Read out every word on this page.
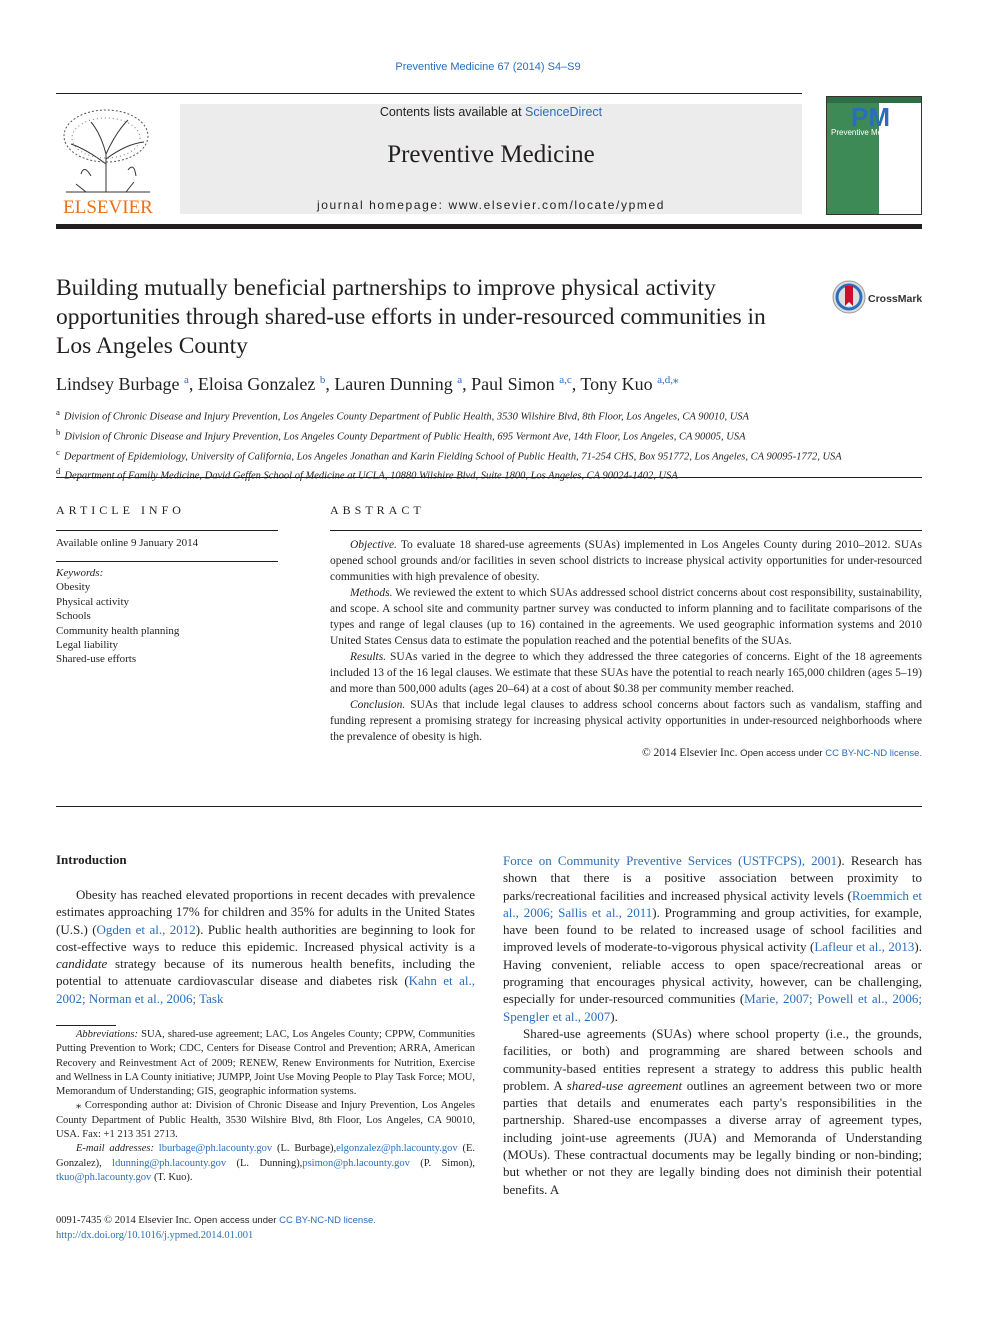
Preventive Medicine 67 (2014) S4–S9
ELSEVIER
Contents lists available at ScienceDirect
Preventive Medicine
journal homepage: www.elsevier.com/locate/ypmed
PM
Preventive Medicine
Building mutually beneficial partnerships to improve physical activity opportunities through shared-use efforts in under-resourced communities in Los Angeles County
CrossMark
Lindsey Burbage $^a$, Eloisa Gonzalez $^b$, Lauren Dunning $^a$, Paul Simon $^{a,c}$, Tony Kuo $^{a,d,⁎}$
$^a$ Division of Chronic Disease and Injury Prevention, Los Angeles County Department of Public Health, 3530 Wilshire Blvd, 8th Floor, Los Angeles, CA 90010, USA
$^b$ Division of Chronic Disease and Injury Prevention, Los Angeles County Department of Public Health, 695 Vermont Ave, 14th Floor, Los Angeles, CA 90005, USA
$^c$ Department of Epidemiology, University of California, Los Angeles Jonathan and Karin Fielding School of Public Health, 71-254 CHS, Box 951772, Los Angeles, CA 90095-1772, USA
$^d$
ARTICLE INFO
Available online 9 January 2014
Keywords:
Obesity
Physical activity
Schools
Community health planning
Legal liability
Shared-use efforts
ABSTRACT

Objective. To evaluate 18 shared-use agreements (SUAs) implemented in Los Angeles County during 2010–2012. SUAs opened school grounds and/or facilities in seven school districts to increase physical activity opportunities for under-resourced communities with high prevalence of obesity.

Methods. We reviewed the extent to which SUAs addressed school district concerns about cost responsibility, sustainability, and scope. A school site and community partner survey was conducted to inform planning and to facilitate comparisons of the types and range of legal clauses (up to 16) contained in the agreements. We used geographic information systems and 2010 United States Census data to estimate the population reached and the potential benefits of the SUAs.

Results. SUAs varied in the degree to which they addressed the three categories of concerns. Eight of the 18 agreements included 13 of the 16 legal clauses. We estimate that these SUAs have the potential to reach nearly 165,000 children (ages 5–19) and more than 500,000 adults (ages 20–64) at a cost of about $0.38 per community member reached.

Conclusion. SUAs that include legal clauses to address school concerns about factors such as vandalism, staffing and funding represent a promising strategy for increasing physical activity opportunities in under-resourced neighborhoods where the prevalence of obesity is high.

© 2014 Elsevier Inc. Open access under CC BY-NC-ND license.

Introduction

Obesity has reached elevated proportions in recent decades with prevalence estimates approaching 17% for children and 35% for adults in the United States (U.S.) (Ogden et al., 2012). Public health authorities are beginning to look for cost-effective ways to reduce this epidemic. Increased physical activity is a candidate strategy because of its numerous health benefits, including the potential to attenuate cardiovascular disease and diabetes risk (Kahn et al., 2002; Norman et al., 2006; Task

Abbreviations: SUA, shared-use agreement; LAC, Los Angeles County; CPPW, Communities Putting Prevention to Work; CDC, Centers for Disease Control and Prevention; ARRA, American Recovery and Reinvestment Act of 2009; RENEW, Renew Environments for Nutrition, Exercise and Wellness in LA County initiative; JUMPP, Joint Use Moving People to Play Task Force; MOU, Memorandum of Understanding; GIS, geographic information systems.

⁎ Corresponding author at: Division of Chronic Disease and Injury Prevention, Los Angeles County Department of Public Health, 3530 Wilshire Blvd, 8th Floor, Los Angeles, CA 90010, USA. Fax: +1 213 351 2713.

E-mail addresses: lburbage@ph.lacounty.gov (L. Burbage),elgonzalez@ph.lacounty.gov (E. Gonzalez), ldunning@ph.lacounty.gov (L. Dunning),psimon@ph.lacounty.gov (P. Simon), tkuo@ph.lacounty.gov (T. Kuo).

Force on Community Preventive Services (USTFCPS), 2001). Research has shown that there is a positive association between proximity to parks/recreational facilities and increased physical activity levels (Roemmich et al., 2006; Sallis et al., 2011). Programming and group activities, for example, have been found to be related to increased usage of school facilities and improved levels of moderate-to-vigorous physical activity (Lafleur et al., 2013). Having convenient, reliable access to open space/recreational areas or programing that encourages physical activity, however, can be challenging, especially for under-resourced communities (Marie, 2007; Powell et al., 2006; Spengler et al., 2007).

Shared-use agreements (SUAs) where school property (i.e., the grounds, facilities, or both) and programming are shared between schools and community-based entities represent a strategy to address this public health problem. A shared-use agreement outlines an agreement between two or more parties that details and enumerates each party's responsibilities in the partnership. Shared-use encompasses a diverse array of agreement types, including joint-use agreements (JUA) and Memoranda of Understanding (MOUs). These contractual documents may be legally binding or non-binding; but whether or not they are legally binding does not diminish their potential benefits. A

0091-7435 © 2014 Elsevier Inc. Open access under CC BY-NC-ND license.
http://dx.doi.org/10.1016/j.ypmed.2014.01.001
